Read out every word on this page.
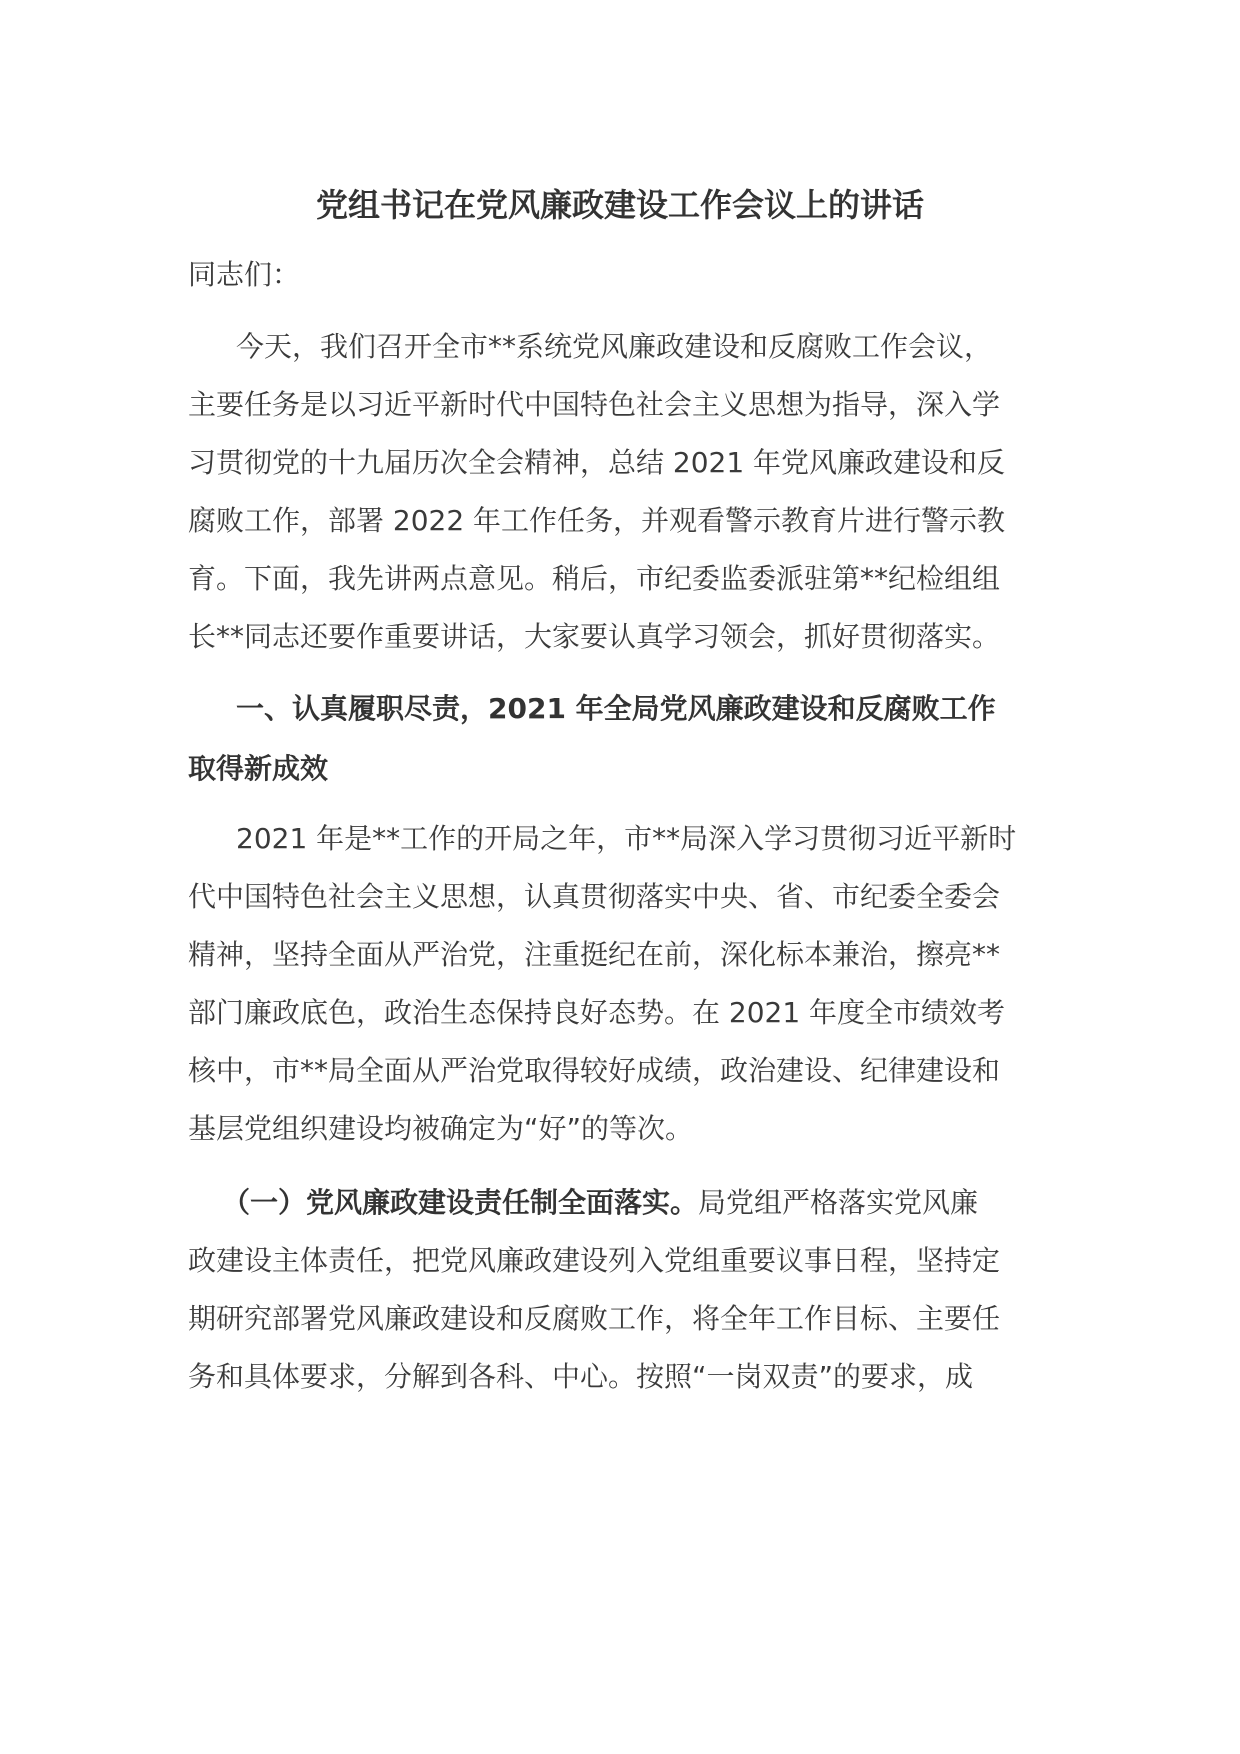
党组书记在党风廉政建设工作会议上的讲话
同志们：
今天，我们召开全市**系统党风廉政建设和反腐败工作会议，
主要任务是以习近平新时代中国特色社会主义思想为指导，深入学
习贯彻党的十九届历次全会精神，总结 2021 年党风廉政建设和反
腐败工作，部署 2022 年工作任务，并观看警示教育片进行警示教
育。下面，我先讲两点意见。稍后，市纪委监委派驻第**纪检组组
长**同志还要作重要讲话，大家要认真学习领会，抓好贯彻落实。
一、认真履职尽责，2021 年全局党风廉政建设和反腐败工作
取得新成效
2021 年是**工作的开局之年，市**局深入学习贯彻习近平新时
代中国特色社会主义思想，认真贯彻落实中央、省、市纪委全委会
精神，坚持全面从严治党，注重挺纪在前，深化标本兼治，擦亮**
部门廉政底色，政治生态保持良好态势。在 2021 年度全市绩效考
核中，市**局全面从严治党取得较好成绩，政治建设、纪律建设和
基层党组织建设均被确定为“好”的等次。
（一）党风廉政建设责任制全面落实。局党组严格落实党风廉
政建设主体责任，把党风廉政建设列入党组重要议事日程，坚持定
期研究部署党风廉政建设和反腐败工作，将全年工作目标、主要任
务和具体要求，分解到各科、中心。按照“一岗双责”的要求，成
